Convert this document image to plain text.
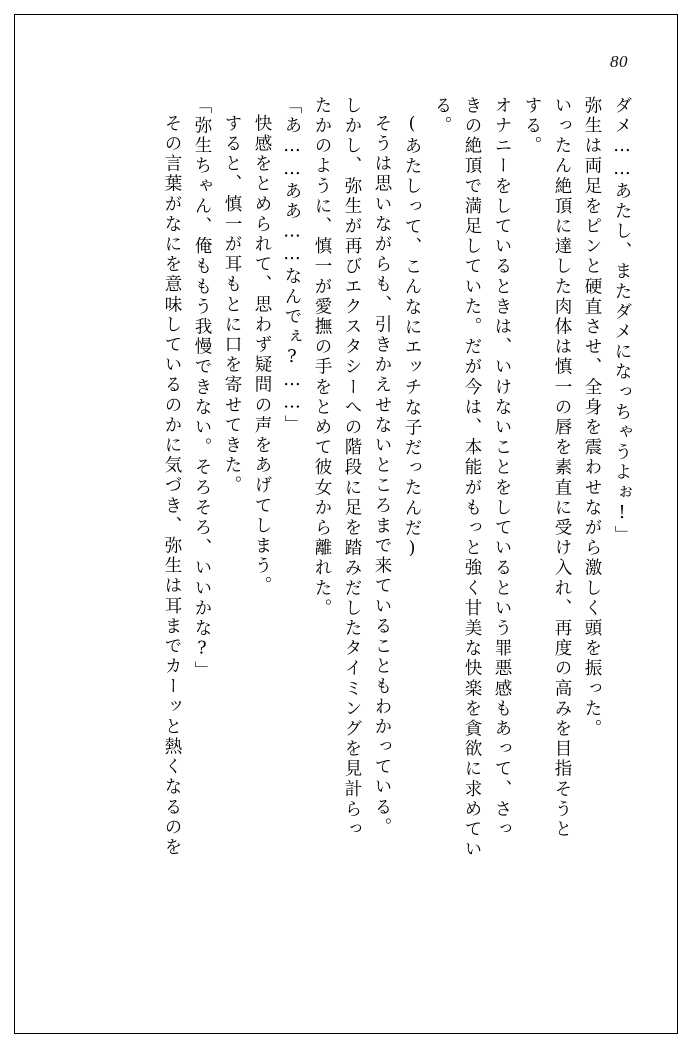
80
ダメ……あたし、またダメになっちゃうよぉ!」
弥生は両足をピンと硬直させ、全身を震わせながら激しく頭を振った。
いったん絶頂に達した肉体は慎一の唇を素直に受け入れ、再度の高みを目指そうと
する。
オナニーをしているときは、いけないことをしているという罪悪感もあって、さっ
きの絶頂で満足していた。だが今は、本能がもっと強く甘美な快楽を貪欲に求めてい
る。
(あたしって、こんなにエッチな子だったんだ)
そうは思いながらも、引きかえせないところまで来ていることもわかっている。
しかし、弥生が再びエクスタシーへの階段に足を踏みだしたタイミングを見計らっ
たかのように、慎一が愛撫の手をとめて彼女から離れた。
「あ……ああ……なんでぇ?……」
快感をとめられて、思わず疑問の声をあげてしまう。
すると、慎一が耳もとに口を寄せてきた。
「弥生ちゃん、俺ももう我慢できない。そろそろ、いいかな?」
その言葉がなにを意味しているのかに気づき、弥生は耳までカーッと熱くなるのを
